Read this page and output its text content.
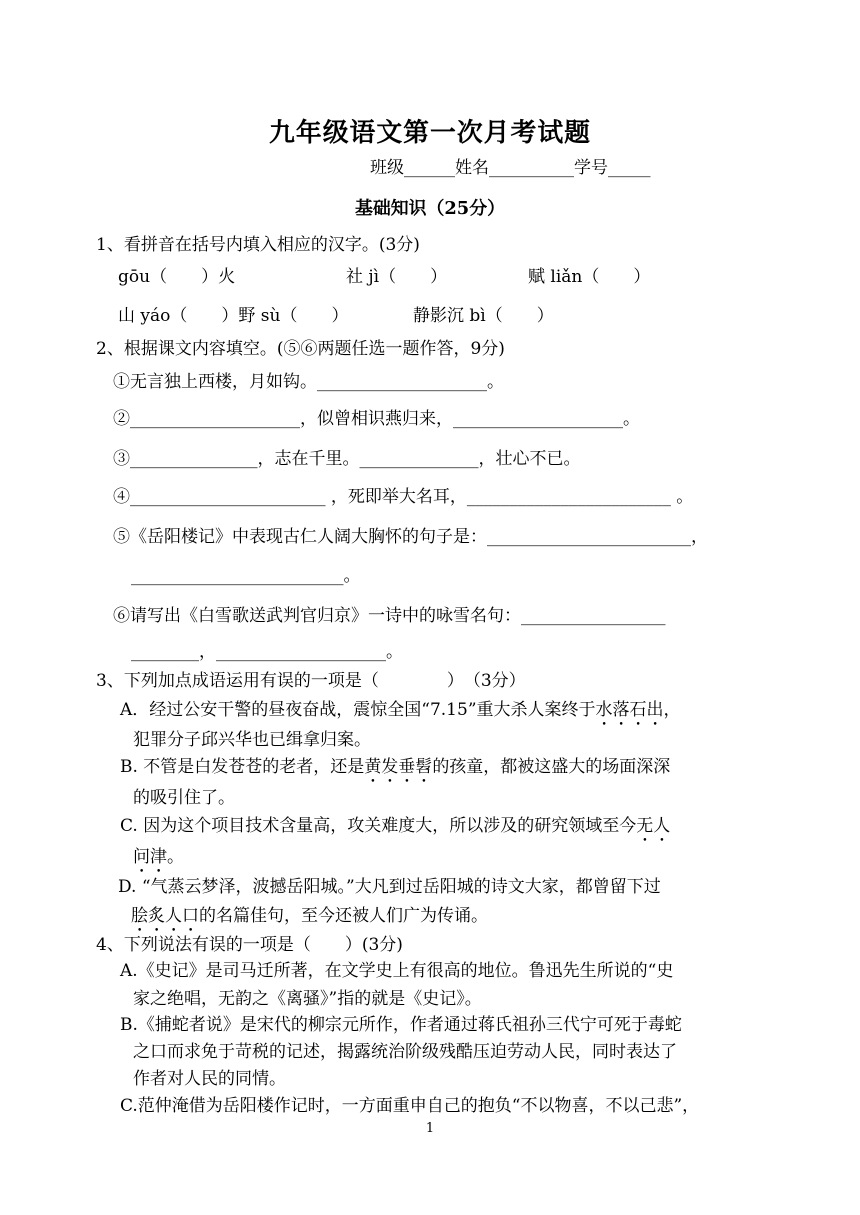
九年级语文第一次月考试题
班级______姓名__________学号_____
基础知识（25分）
1、看拼音在括号内填入相应的汉字。(3分)
gōu（　　）火	社 jì（　　）	赋 liǎn（　　）
山 yáo（　　）野 sù（　　）	静影沉 bì（　　）
2、根据课文内容填空。(⑤⑥两题任选一题作答，9分)
①无言独上西楼，月如钩。____________________。
②____________________，似曾相识燕归来，____________________。
③_______________，志在千里。______________，壮心不已。
④_______________________ ，死即举大名耳，________________________ 。
⑤《岳阳楼记》中表现古仁人阔大胸怀的句子是：________________________，
_________________________。
⑥请写出《白雪歌送武判官归京》一诗中的咏雪名句：_________________
________，____________________。
3、下列加点成语运用有误的一项是（　　　　）　（3分）
A．经过公安干警的昼夜奋战，震惊全国“7.15”重大杀人案终于水落石出，
犯罪分子邱兴华也已缉拿归案。
B. 不管是白发苍苍的老者，还是黄发垂髫的孩童，都被这盛大的场面深深
的吸引住了。
C. 因为这个项目技术含量高，攻关难度大，所以涉及的研究领域至今无人
问津。
D. “气蒸云梦泽，波撼岳阳城。”大凡到过岳阳城的诗文大家，都曾留下过
脍炙人口的名篇佳句，至今还被人们广为传诵。
4、下列说法有误的一项是（　　）(3分)
A.《史记》是司马迁所著，在文学史上有很高的地位。鲁迅先生所说的“史
家之绝唱，无韵之《离骚》”指的就是《史记》。
B.《捕蛇者说》是宋代的柳宗元所作，作者通过蒋氏祖孙三代宁可死于毒蛇
之口而求免于苛税的记述，揭露统治阶级残酷压迫劳动人民，同时表达了
作者对人民的同情。
C.范仲淹借为岳阳楼作记时，一方面重申自己的抱负“不以物喜，不以己悲”，
1
